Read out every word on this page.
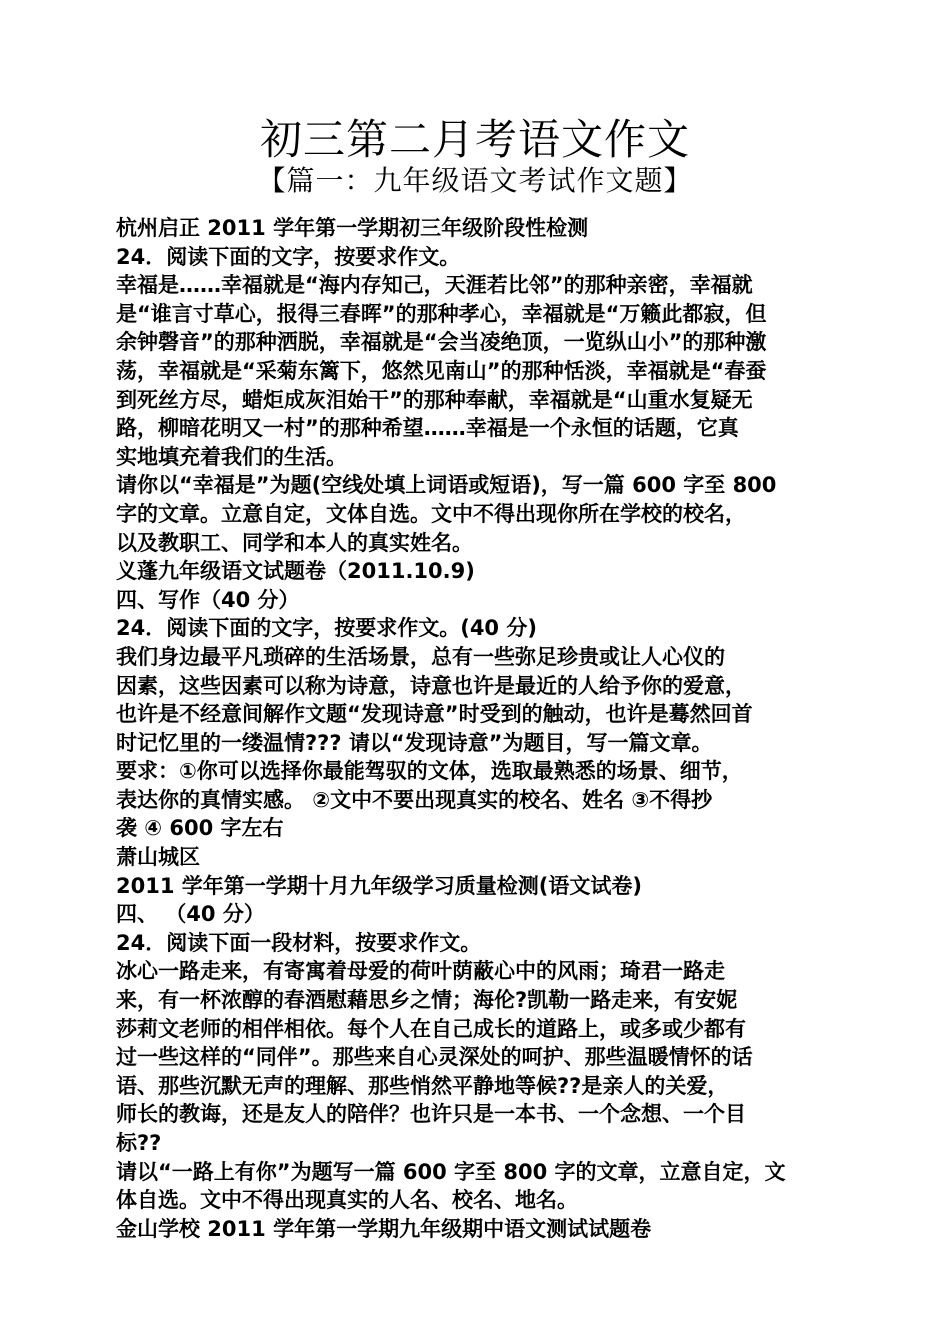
初三第二月考语文作文
【篇一：九年级语文考试作文题】
杭州启正 2011 学年第一学期初三年级阶段性检测
24．阅读下面的文字，按要求作文。
幸福是……幸福就是“海内存知己，天涯若比邻”的那种亲密，幸福就
是“谁言寸草心，报得三春晖”的那种孝心，幸福就是“万籁此都寂，但
余钟磬音”的那种洒脱，幸福就是“会当凌绝顶，一览纵山小”的那种激
荡，幸福就是“采菊东篱下，悠然见南山”的那种恬淡，幸福就是“春蚕
到死丝方尽，蜡炬成灰泪始干”的那种奉献，幸福就是“山重水复疑无
路，柳暗花明又一村”的那种希望……幸福是一个永恒的话题，它真
实地填充着我们的生活。
请你以“幸福是”为题(空线处填上词语或短语)，写一篇 600 字至 800
字的文章。立意自定，文体自选。文中不得出现你所在学校的校名，
以及教职工、同学和本人的真实姓名。
义蓬九年级语文试题卷（2011.10.9)
四、写作（40 分）
24．阅读下面的文字，按要求作文。(40 分)
我们身边最平凡琐碎的生活场景，总有一些弥足珍贵或让人心仪的
因素，这些因素可以称为诗意，诗意也许是最近的人给予你的爱意，
也许是不经意间解作文题“发现诗意”时受到的触动，也许是蓦然回首
时记忆里的一缕温情??? 请以“发现诗意”为题目，写一篇文章。
要求：①你可以选择你最能驾驭的文体，选取最熟悉的场景、细节，
表达你的真情实感。 ②文中不要出现真实的校名、姓名 ③不得抄
袭 ④ 600 字左右
萧山城区
2011 学年第一学期十月九年级学习质量检测(语文试卷)
四、 （40 分）
24．阅读下面一段材料，按要求作文。
冰心一路走来，有寄寓着母爱的荷叶荫蔽心中的风雨；琦君一路走
来，有一杯浓醇的春酒慰藉思乡之情；海伦?凯勒一路走来，有安妮
莎莉文老师的相伴相依。每个人在自己成长的道路上，或多或少都有
过一些这样的“同伴”。那些来自心灵深处的呵护、那些温暖情怀的话
语、那些沉默无声的理解、那些悄然平静地等候??是亲人的关爱，
师长的教诲，还是友人的陪伴？也许只是一本书、一个念想、一个目
标??
请以“一路上有你”为题写一篇 600 字至 800 字的文章，立意自定，文
体自选。文中不得出现真实的人名、校名、地名。
金山学校 2011 学年第一学期九年级期中语文测试试题卷
